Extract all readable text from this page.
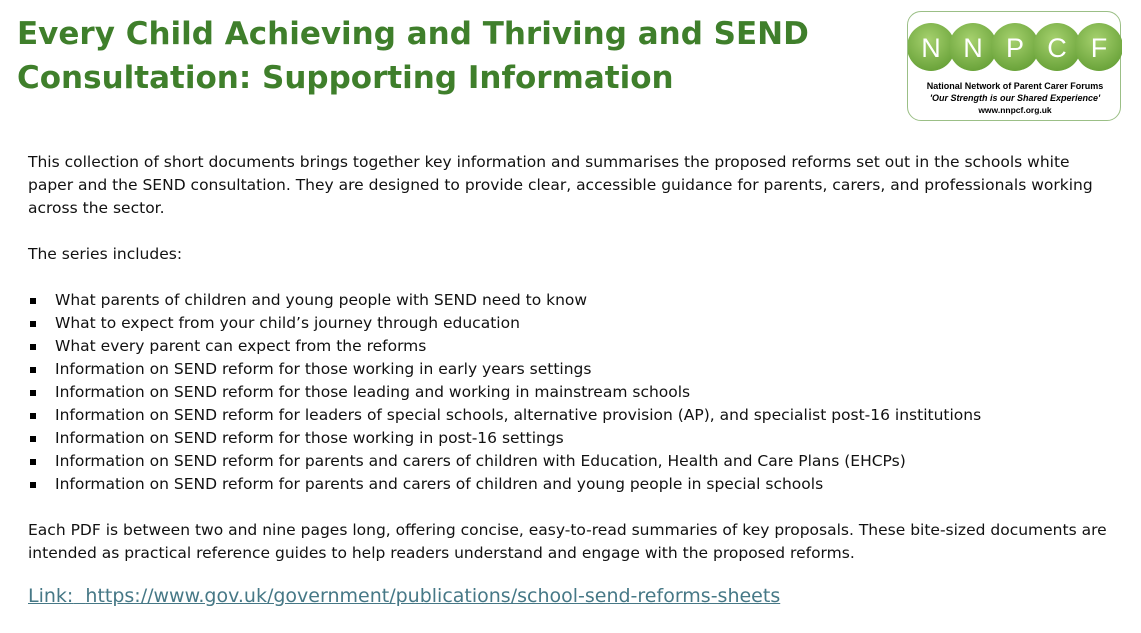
Every Child Achieving and Thriving and SEND
Consultation: Supporting Information
N N P C F
National Network of Parent Carer Forums
'Our Strength is our Shared Experience'
www.nnpcf.org.uk

This collection of short documents brings together key information and summarises the proposed reforms set out in the schools white paper and the SEND consultation. They are designed to provide clear, accessible guidance for parents, carers, and professionals working across the sector.

The series includes:

What parents of children and young people with SEND need to know
What to expect from your child’s journey through education
What every parent can expect from the reforms
Information on SEND reform for those working in early years settings
Information on SEND reform for those leading and working in mainstream schools
Information on SEND reform for leaders of special schools, alternative provision (AP), and specialist post-16 institutions
Information on SEND reform for those working in post-16 settings
Information on SEND reform for parents and carers of children with Education, Health and Care Plans (EHCPs)
Information on SEND reform for parents and carers of children and young people in special schools

Each PDF is between two and nine pages long, offering concise, easy-to-read summaries of key proposals. These bite-sized documents are intended as practical reference guides to help readers understand and engage with the proposed reforms.

Link: https://www.gov.uk/government/publications/school-send-reforms-sheets
